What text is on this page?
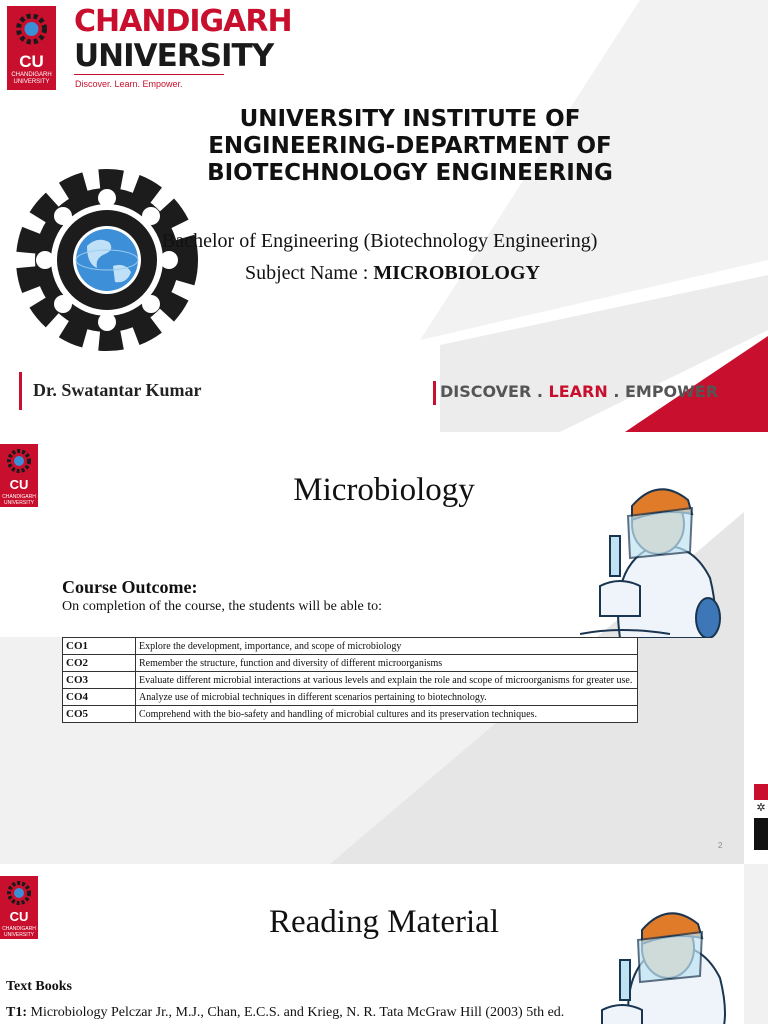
CU
CHANDIGARH UNIVERSITY
CHANDIGARH
UNIVERSITY
Discover. Learn. Empower.
UNIVERSITY INSTITUTE OF
ENGINEERING-DEPARTMENT OF
BIOTECHNOLOGY ENGINEERING
Bachelor of Engineering (Biotechnology Engineering)
Subject Name : MICROBIOLOGY
Dr. Swatantar Kumar	DISCOVER . LEARN . EMPOWER
CU
CHANDIGARH UNIVERSITY	Microbiology
Course Outcome:
On completion of the course, the students will be able to:
CO1	Explore the development, importance, and scope of microbiology
CO2	Remember the structure, function and diversity of different microorganisms
CO3	Evaluate different microbial interactions at various levels and explain the role and scope of microorganisms for greater use.
CO4	Analyze use of microbial techniques in different scenarios pertaining to biotechnology.
CO5	Comprehend with the bio-safety and handling of microbial cultures and its preservation techniques.
✲
2
CU
CHANDIGARH UNIVERSITY	Reading Material
Text Books
T1: Microbiology Pelczar Jr., M.J., Chan, E.C.S. and Krieg, N. R. Tata McGraw Hill (2003) 5th ed.
